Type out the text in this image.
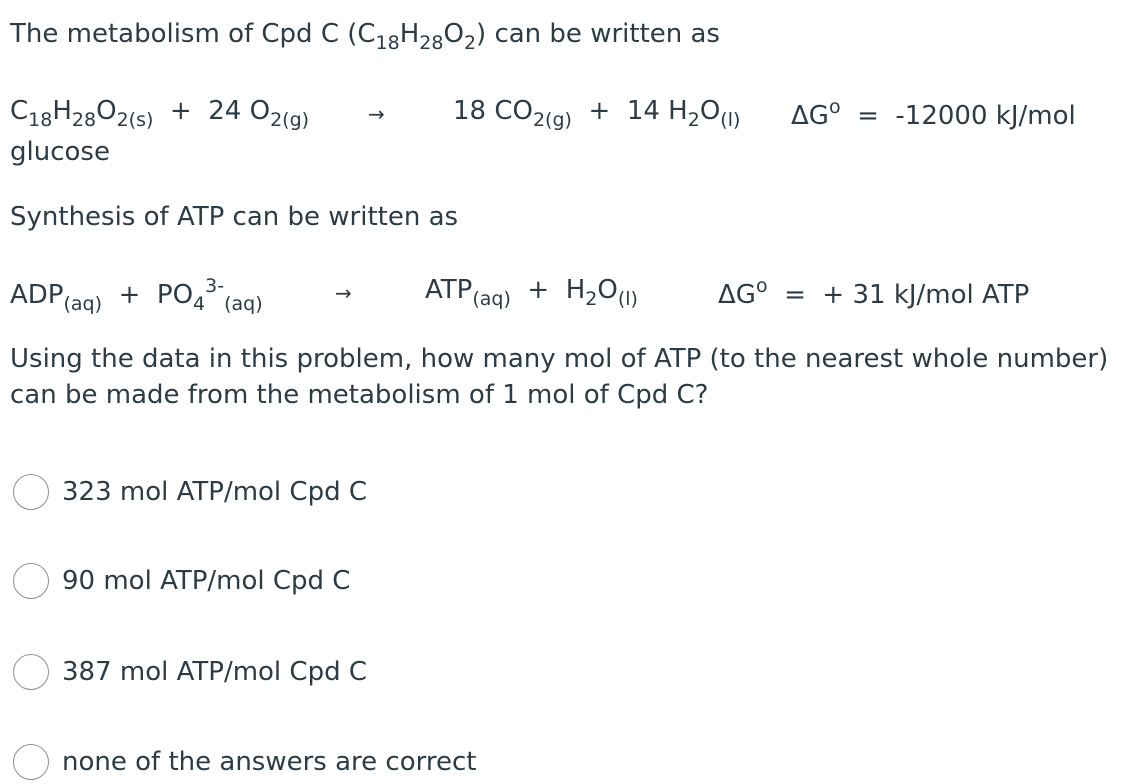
The metabolism of Cpd C $(C_{18}H_{28}O_2)$ can be written as
$C_{18}H_{28}O_{2(s)} + 24$ $O_{2(g)}$	→	18 $CO_{2(g)} + 14$ $H_2O_{(l)}$ $\Delta G^o = -12000$ kJ/mol
glucose
Synthesis of ATP can be written as
$ADP_{(aq)} + PO_4^{3-}_{(aq)}$	→	$ATP_{(aq)} + H_2O_{(l)}$	$\Delta G^o$ = + 31 kJ/mol ATP
Using the data in this problem, how many mol of ATP (to the nearest whole number)
can be made from the metabolism of 1 mol of Cpd C?
323 mol ATP/mol Cpd C
90 mol ATP/mol Cpd C
387 mol ATP/mol Cpd C
none of the answers are correct
